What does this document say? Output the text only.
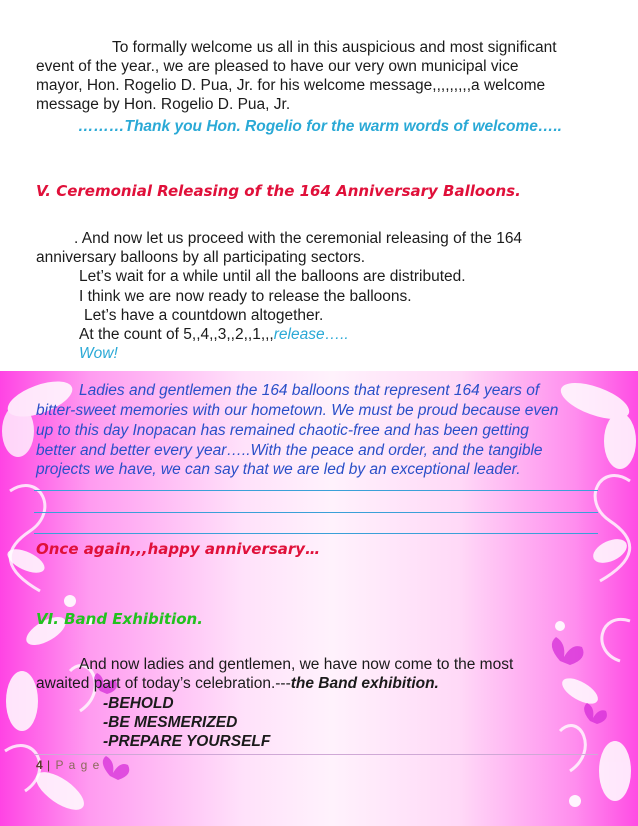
To formally welcome us all in this auspicious and most significant
event of the year., we are pleased to have our very own municipal vice
mayor, Hon. Rogelio D. Pua, Jr. for his welcome message,,,,,,,,,a welcome
message by Hon. Rogelio D. Pua, Jr.
………Thank you Hon. Rogelio for the warm words of welcome…..
V. Ceremonial Releasing of the 164 Anniversary Balloons.
. And now let us proceed with the ceremonial releasing of the 164
anniversary balloons by all participating sectors.
Let’s wait for a while until all the balloons are distributed.
I think we are now ready to release the balloons.
Let’s have a countdown altogether.
At the count of 5,,4,,3,,2,,1,,,release…..
Wow!
Ladies and gentlemen the 164 balloons that represent 164 years of
bitter-sweet memories with our hometown. We must be proud because even
up to this day Inopacan has remained chaotic-free and has been getting
better and better every year…..With the peace and order, and the tangible
projects we have, we can say that we are led by an exceptional leader.
Once again,,,happy anniversary…
VI. Band Exhibition.
And now ladies and gentlemen, we have now come to the most
awaited part of today’s celebration.---the Band exhibition.
-BEHOLD
-BE MESMERIZED
-PREPARE YOURSELF
4 | P a g e
